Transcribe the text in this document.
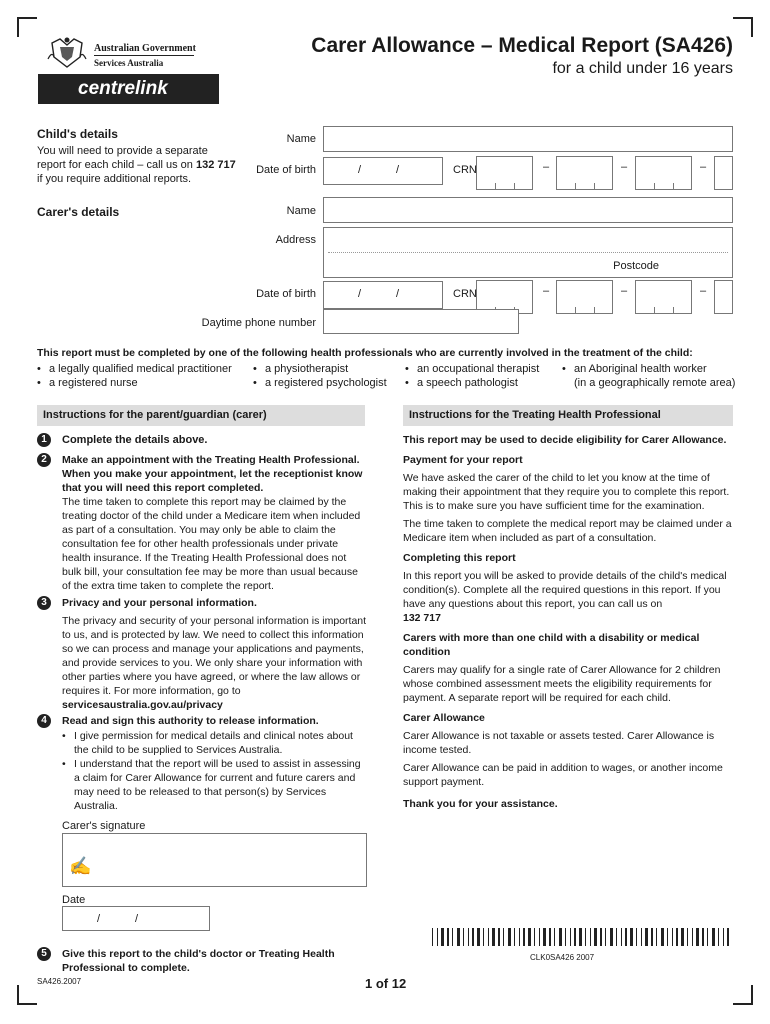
Australian Government
Services Australia
centrelink
Carer Allowance – Medical Report (SA426)
for a child under 16 years
Child's details
You will need to provide a separate report for each child – call us on 132 717 if you require additional reports.
Name
Date of birth	/	/	CRN	–	–	–
Carer's details	Name
Address
Postcode
Date of birth	/	/	CRN	–	–	–
Daytime phone number
This report must be completed by one of the following health professionals who are currently involved in the treatment of the child:
• a legally qualified medical practitioner
• a registered nurse
• a physiotherapist
• a registered psychologist
• an occupational therapist
• a speech pathologist
• an Aboriginal health worker
(in a geographically remote area)
Instructions for the parent/guardian (carer)
1	Complete the details above.
2	Make an appointment with the Treating Health Professional. When you make your appointment, let the receptionist know that you will need this report completed.

The time taken to complete this report may be claimed by the treating doctor of the child under a Medicare item when included as part of a consultation. You may only be able to claim the consultation fee for other health professionals under private health insurance. If the Treating Health Professional does not bulk bill, your consultation fee may be more than usual because of the extra time taken to complete the report.

3	Privacy and your personal information.

The privacy and security of your personal information is important to us, and is protected by law. We need to collect this information so we can process and manage your applications and payments, and provide services to you. We only share your information with other parties where you have agreed, or where the law allows or requires it. For more information, go to

servicesaustralia.gov.au/privacy

4	Read and sign this authority to release information.

• I give permission for medical details and clinical notes about the child to be supplied to Services Australia.
• I understand that the report will be used to assist in assessing a claim for Carer Allowance for current and future carers and may need to be released to that person(s) by Services Australia.
Carer's signature
✍
Date
/	/
5	Give this report to the child's doctor or Treating Health Professional to complete.
Instructions for the Treating Health Professional

This report may be used to decide eligibility for Carer Allowance.

Payment for your report

We have asked the carer of the child to let you know at the time of making their appointment that they require you to complete this report. This is to make sure you have sufficient time for the examination.

The time taken to complete the medical report may be claimed under a Medicare item when included as part of a consultation.

Completing this report

In this report you will be asked to provide details of the child's medical condition(s). Complete all the required questions in this report. If you have any questions about this report, you can call us on

132 717

Carers with more than one child with a disability or medical condition

Carers may qualify for a single rate of Carer Allowance for 2 children whose combined assessment meets the eligibility requirements for payment. A separate report will be required for each child.

Carer Allowance

Carer Allowance is not taxable or assets tested. Carer Allowance is income tested.

Carer Allowance can be paid in addition to wages, or another income support payment.

Thank you for your assistance.

CLK0SA426 2007
SA426.2007	1 of 12
